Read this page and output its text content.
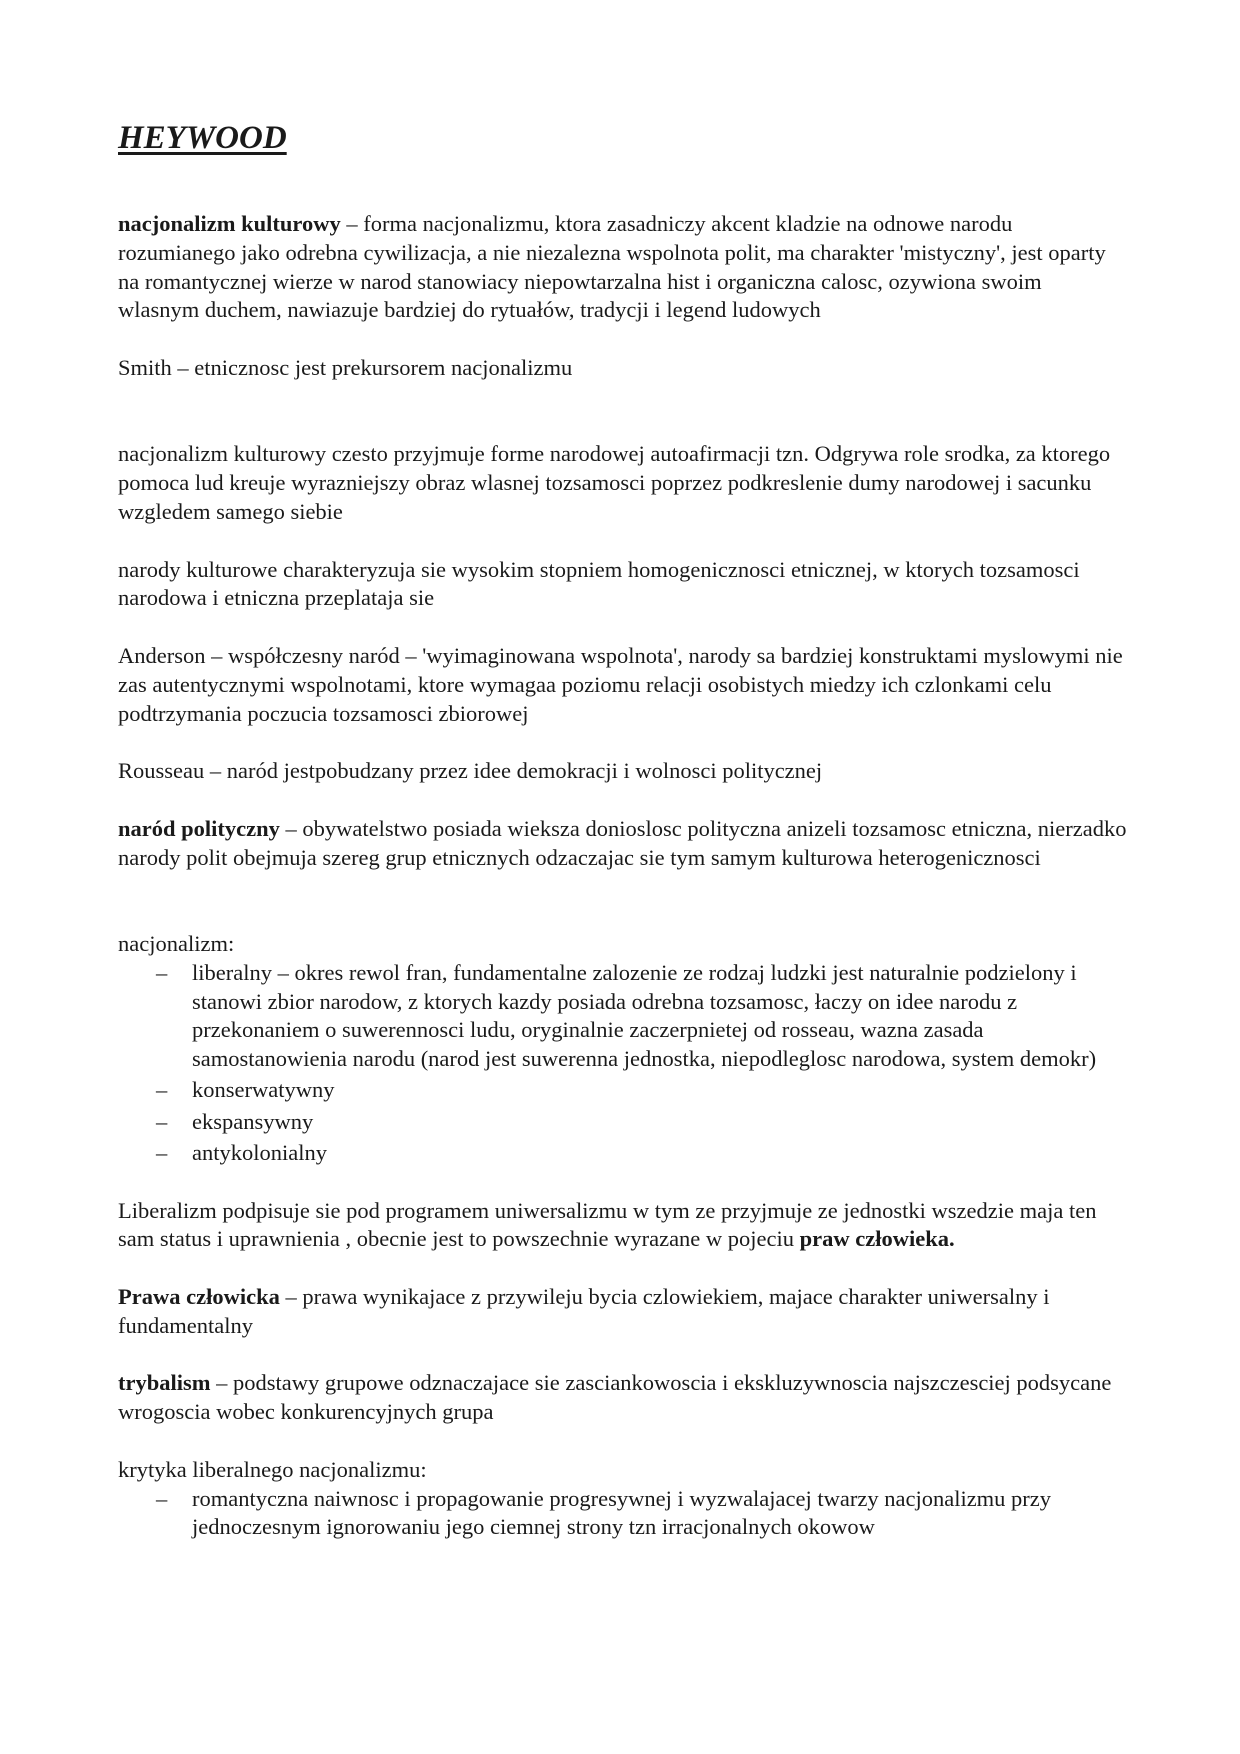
HEYWOOD

nacjonalizm kulturowy – forma nacjonalizmu, ktora zasadniczy akcent kladzie na odnowe narodu rozumianego jako odrebna cywilizacja, a nie niezalezna wspolnota polit, ma charakter 'mistyczny', jest oparty na romantycznej wierze w narod stanowiacy niepowtarzalna hist i organiczna calosc, ozywiona swoim wlasnym duchem, nawiazuje bardziej do rytuałów, tradycji i legend ludowych

Smith – etnicznosc jest prekursorem nacjonalizmu

nacjonalizm kulturowy czesto przyjmuje forme narodowej autoafirmacji tzn. Odgrywa role srodka, za ktorego pomoca lud kreuje wyrazniejszy obraz wlasnej tozsamosci poprzez podkreslenie dumy narodowej i sacunku wzgledem samego siebie

narody kulturowe charakteryzuja sie wysokim stopniem homogenicznosci etnicznej, w ktorych tozsamosci narodowa i etniczna przeplataja sie

Anderson – współczesny naród – 'wyimaginowana wspolnota', narody sa bardziej konstruktami myslowymi nie zas autentycznymi wspolnotami, ktore wymagaa poziomu relacji osobistych miedzy ich czlonkami celu podtrzymania poczucia tozsamosci zbiorowej

Rousseau – naród jestpobudzany przez idee demokracji i wolnosci politycznej

naród polityczny – obywatelstwo posiada wieksza donioslosc polityczna anizeli tozsamosc etniczna, nierzadko narody polit obejmuja szereg grup etnicznych odzaczajac sie tym samym kulturowa heterogenicznosci

nacjonalizm:
– liberalny – okres rewol fran, fundamentalne zalozenie ze rodzaj ludzki jest naturalnie podzielony i stanowi zbior narodow, z ktorych kazdy posiada odrebna tozsamosc, łaczy on idee narodu z przekonaniem o suwerennosci ludu, oryginalnie zaczerpnietej od rosseau, wazna zasada samostanowienia narodu (narod jest suwerenna jednostka, niepodleglosc narodowa, system demokr)
– konserwatywny
– ekspansywny
– antykolonialny

Liberalizm podpisuje sie pod programem uniwersalizmu w tym ze przyjmuje ze jednostki wszedzie maja ten sam status i uprawnienia , obecnie jest to powszechnie wyrazane w pojeciu praw człowieka.

Prawa człowicka – prawa wynikajace z przywileju bycia czlowiekiem, majace charakter uniwersalny i fundamentalny

trybalism – podstawy grupowe odznaczajace sie zasciankowoscia i ekskluzywnoscia najszczesciej podsycane wrogoscia wobec konkurencyjnych grupa

krytyka liberalnego nacjonalizmu:
– romantyczna naiwnosc i propagowanie progresywnej i wyzwalajacej twarzy nacjonalizmu przy jednoczesnym ignorowaniu jego ciemnej strony tzn irracjonalnych okowow
